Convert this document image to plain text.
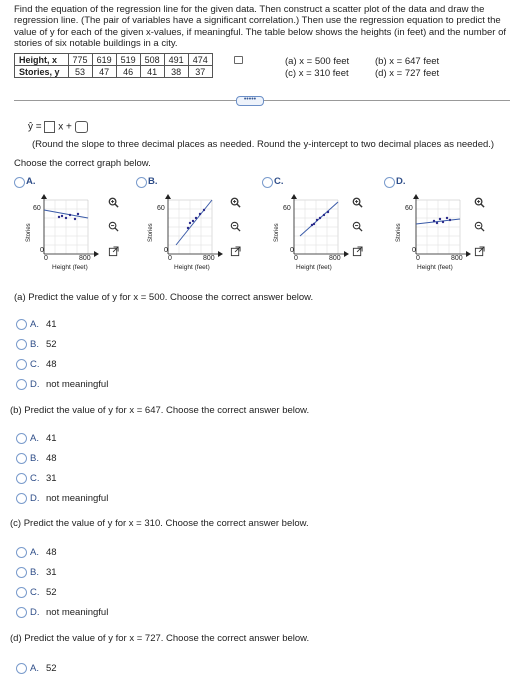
Find the equation of the regression line for the given data. Then construct a scatter plot of the data and draw the regression line. (The pair of variables have a significant correlation.) Then use the regression equation to predict the value of y for each of the given x-values, if meaningful. The table below shows the heights (in feet) and the number of stories of six notable buildings in a city.

Height, x	775	619	519	508	491	474
Stories, y	53	47	46	41	38	37
(a) x = 500 feet	(b) x = 647 feet
(c) x = 310 feet	(d) x = 727 feet
•••••
ŷ = x +

(Round the slope to three decimal places as needed. Round the y-intercept to two decimal places as needed.)

Choose the correct graph below.

A.
60
0
0	800
Height (feet)
Stories
B.
60
0
0	800
Height (feet)
Stories
C.
60
0
0	800
Height (feet)
Stories
D.
60
0
0	800
Height (feet)
Stories

(a) Predict the value of y for x = 500. Choose the correct answer below.

A. 41
B. 52
C. 48
D. not meaningful

(b) Predict the value of y for x = 647. Choose the correct answer below.

A. 41
B. 48
C. 31
D. not meaningful

(c) Predict the value of y for x = 310. Choose the correct answer below.

A. 48
B. 31
C. 52
D. not meaningful

(d) Predict the value of y for x = 727. Choose the correct answer below.

A. 52
